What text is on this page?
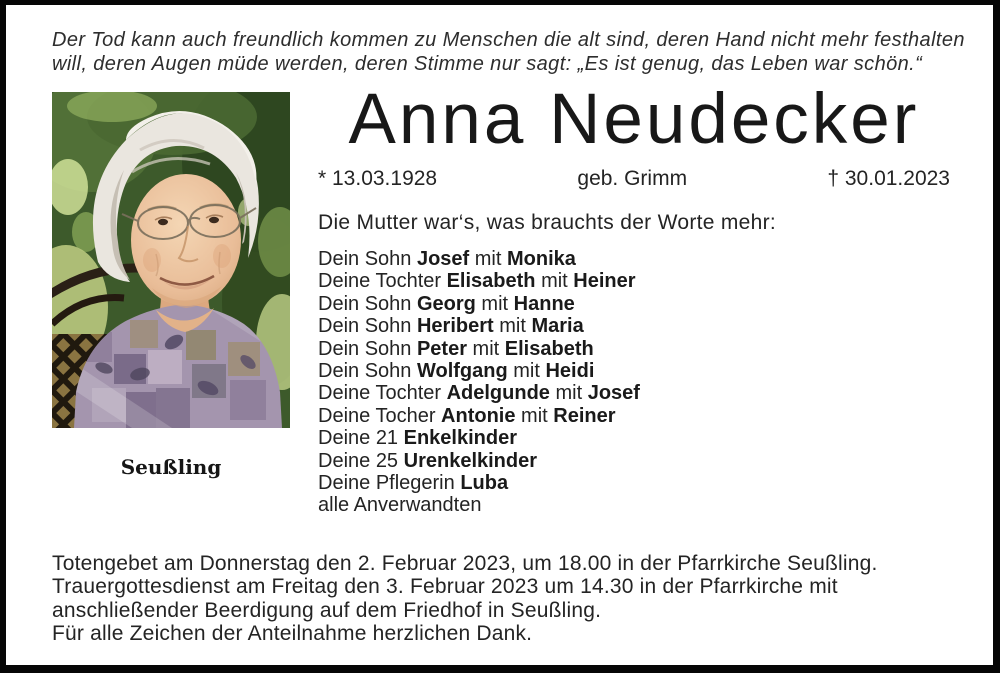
Der Tod kann auch freundlich kommen zu Menschen die alt sind, deren Hand nicht mehr festhalten
will, deren Augen müde werden, deren Stimme nur sagt: „Es ist genug, das Leben war schön.“
Seußling
Anna Neudecker
* 13.03.1928	geb. Grimm	† 30.01.2023
Die Mutter war‘s, was brauchts der Worte mehr:
Dein Sohn Josef mit Monika
Deine Tochter Elisabeth mit Heiner
Dein Sohn Georg mit Hanne
Dein Sohn Heribert mit Maria
Dein Sohn Peter mit Elisabeth
Dein Sohn Wolfgang mit Heidi
Deine Tochter Adelgunde mit Josef
Deine Tocher Antonie mit Reiner
Deine 21 Enkelkinder
Deine 25 Urenkelkinder
Deine Pflegerin Luba
alle Anverwandten
Totengebet am Donnerstag den 2. Februar 2023, um 18.00 in der Pfarrkirche Seußling.
Trauergottesdienst am Freitag den 3. Februar 2023 um 14.30 in der Pfarrkirche mit
anschließender Beerdigung auf dem Friedhof in Seußling.
Für alle Zeichen der Anteilnahme herzlichen Dank.
